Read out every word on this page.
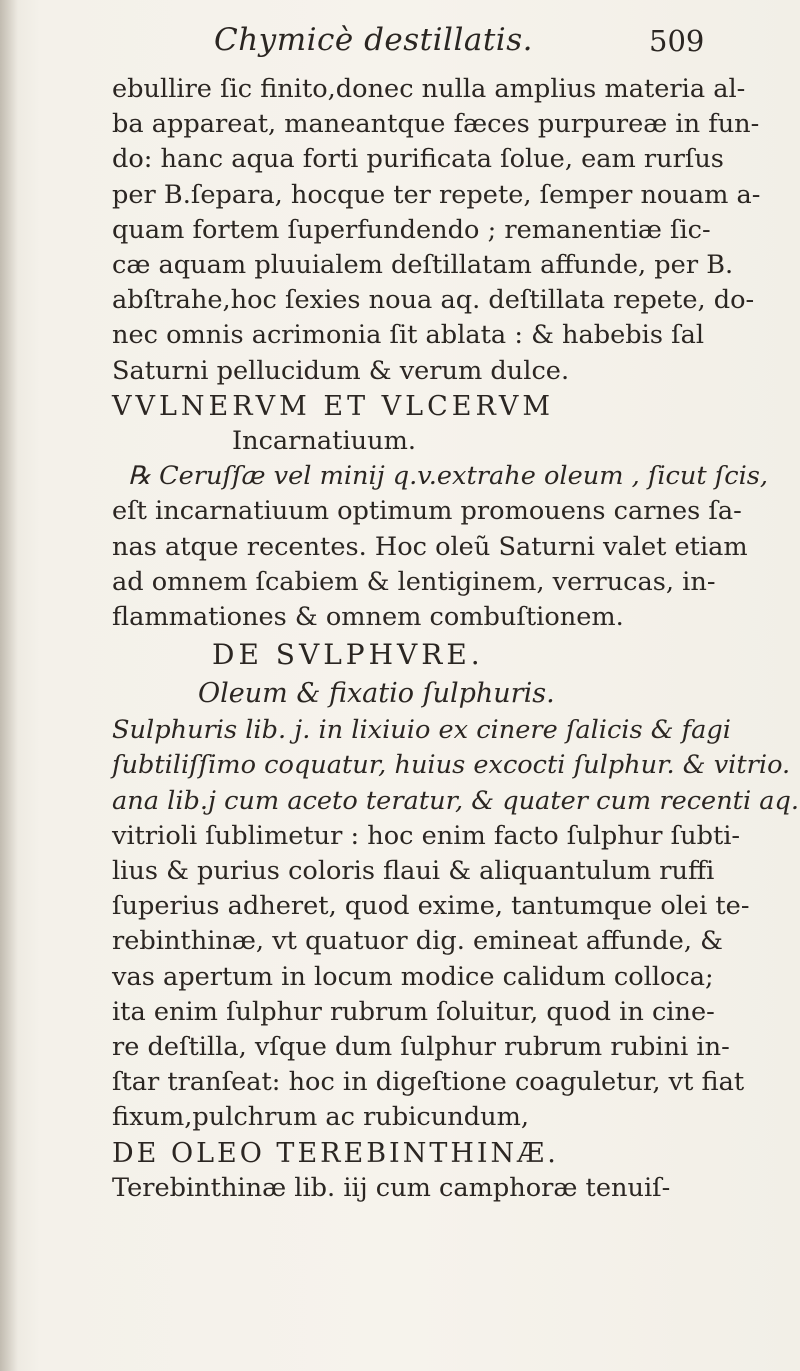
Chymicè destillatis.	509
ebullire ſic finito,donec nulla amplius materia al-
ba appareat, maneantque fæces purpureæ in fun-
do: hanc aqua forti purificata ſolue, eam rurſus
per B.ſepara, hocque ter repete, ſemper nouam a-
quam fortem ſuperfundendo ; remanentiæ ſic-
cæ aquam pluuialem deſtillatam affunde, per B.
abſtrahe,hoc ſexies noua aq. deſtillata repete, do-
nec omnis acrimonia ſit ablata : & habebis ſal
Saturni pellucidum & verum dulce.
VVLNERVM ET VLCERVM
Incarnatiuum.
℞ Ceruſſæ vel minij q.v.extrahe oleum , ſicut ſcis,
eſt incarnatiuum optimum promouens carnes ſa-
nas atque recentes. Hoc oleũ Saturni valet etiam
ad omnem ſcabiem & lentiginem, verrucas, in-
flammationes & omnem combuſtionem.
DE SVLPHVRE.
Oleum & fixatio ſulphuris.
Sulphuris lib. j. in lixiuio ex cinere ſalicis & fagi
ſubtiliſſimo coquatur, huius excocti ſulphur. & vitrio.
ana lib.j cum aceto teratur, & quater cum recenti aq.
vitrioli ſublimetur : hoc enim facto ſulphur ſubti-
lius & purius coloris flaui & aliquantulum ruffi
ſuperius adheret, quod exime, tantumque olei te-
rebinthinæ, vt quatuor dig. emineat affunde, &
vas apertum in locum modice calidum colloca;
ita enim ſulphur rubrum ſoluitur, quod in cine-
re deſtilla, vſque dum ſulphur rubrum rubini in-
ſtar tranſeat: hoc in digeſtione coaguletur, vt fiat
fixum,pulchrum ac rubicundum,
DE OLEO TEREBINTHINÆ.
Terebinthinæ lib. iij cum camphoræ tenuiſ-
